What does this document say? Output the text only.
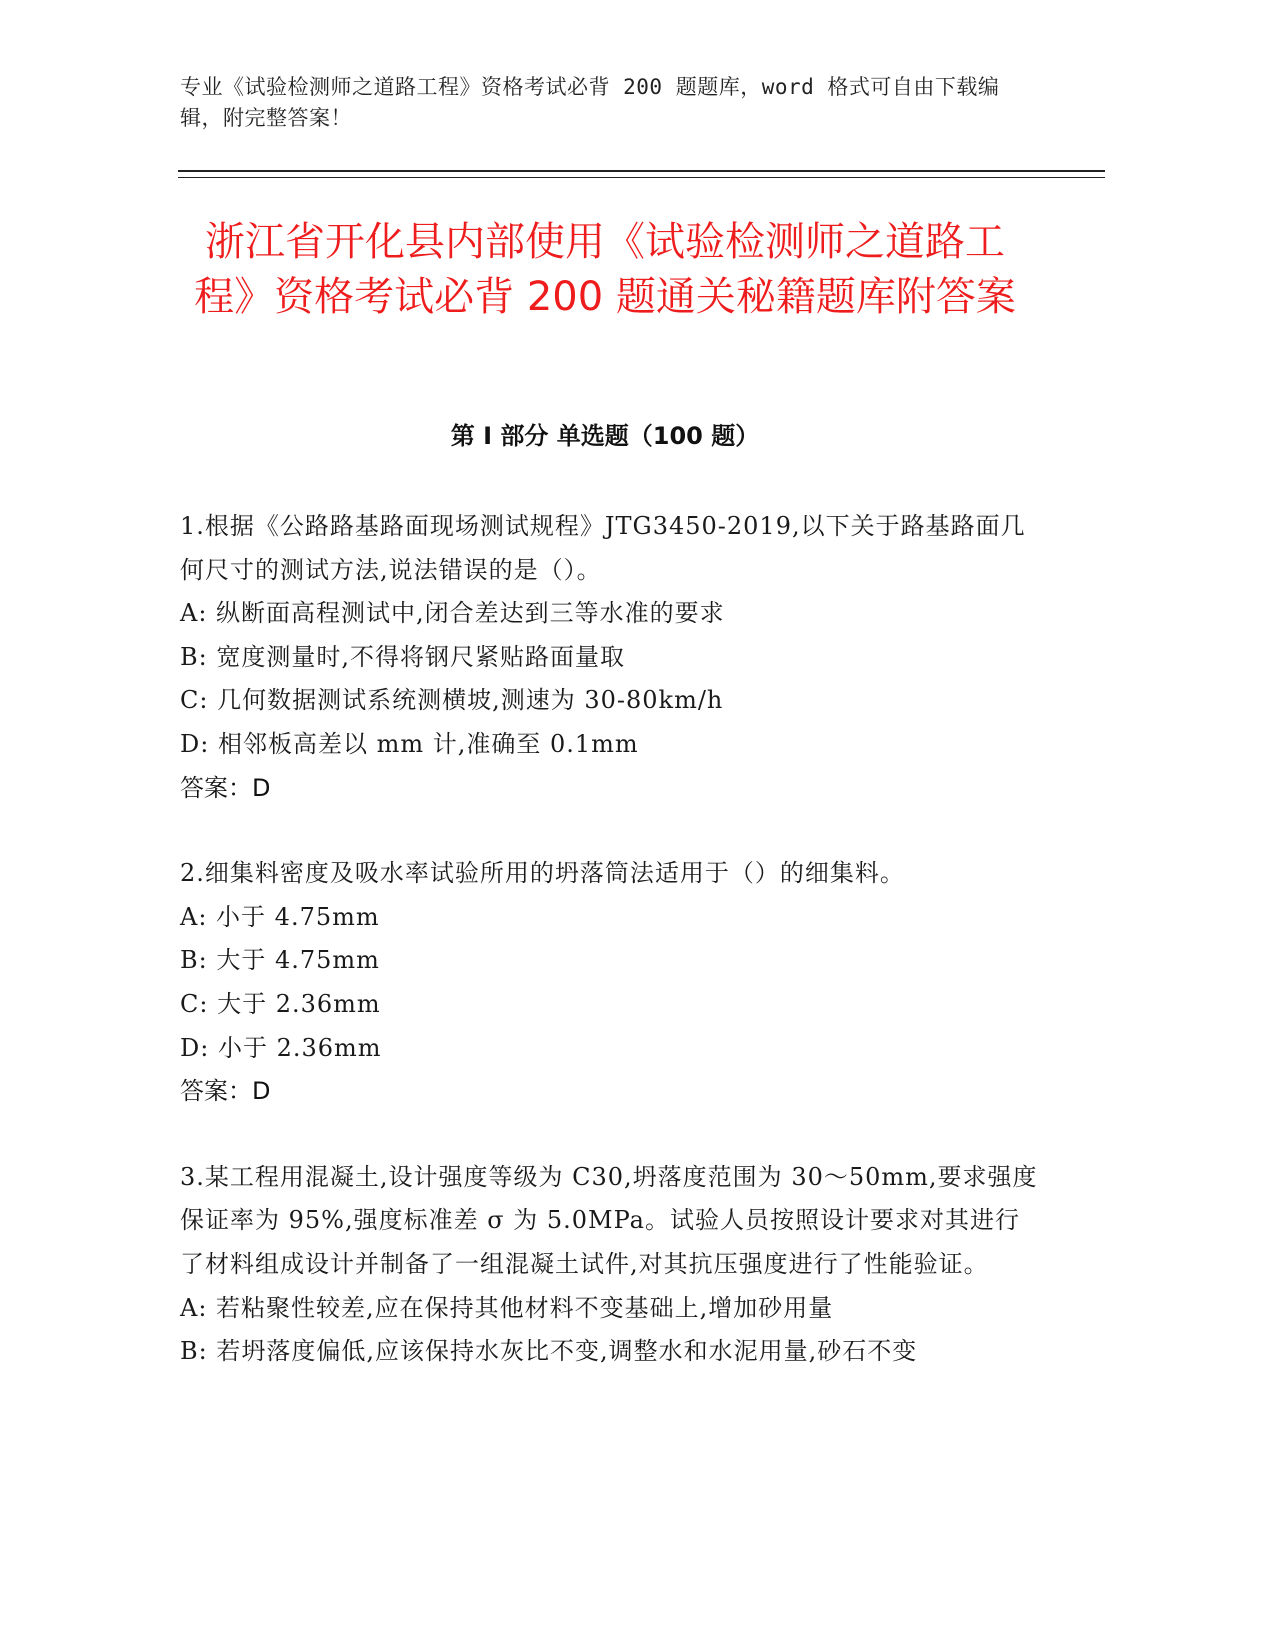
专业《试验检测师之道路工程》资格考试必背 200 题题库，word 格式可自由下载编辑，附完整答案！
浙江省开化县内部使用《试验检测师之道路工程》资格考试必背 200 题通关秘籍题库附答案
第 I 部分 单选题（100 题）

1.根据《公路路基路面现场测试规程》JTG3450-2019,以下关于路基路面几何尺寸的测试方法,说法错误的是（）。

A: 纵断面高程测试中,闭合差达到三等水准的要求

B: 宽度测量时,不得将钢尺紧贴路面量取

C: 几何数据测试系统测横坡,测速为 30-80km/h

D: 相邻板高差以 mm 计,准确至 0.1mm

答案：D

2.细集料密度及吸水率试验所用的坍落筒法适用于（）的细集料。

A: 小于 4.75mm

B: 大于 4.75mm

C: 大于 2.36mm

D: 小于 2.36mm

答案：D

3.某工程用混凝土,设计强度等级为 C30,坍落度范围为 30～50mm,要求强度保证率为 95%,强度标准差 σ 为 5.0MPa。试验人员按照设计要求对其进行了材料组成设计并制备了一组混凝土试件,对其抗压强度进行了性能验证。

A: 若粘聚性较差,应在保持其他材料不变基础上,增加砂用量

B: 若坍落度偏低,应该保持水灰比不变,调整水和水泥用量,砂石不变
